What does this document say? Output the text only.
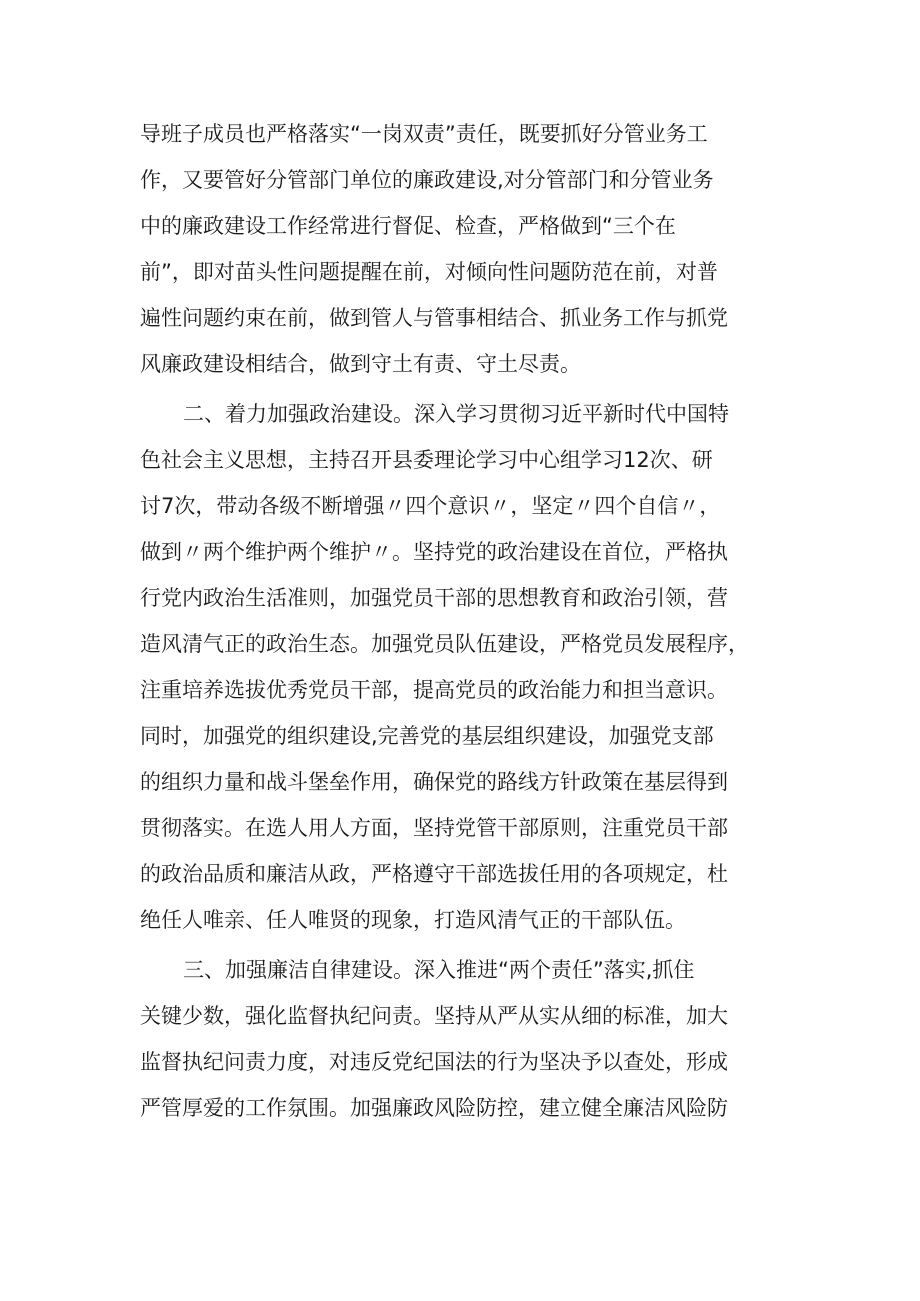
导班子成员也严格落实“一岗双责”责任，既要抓好分管业务工
作，又要管好分管部门单位的廉政建设,对分管部门和分管业务
中的廉政建设工作经常进行督促、检查，严格做到“三个在
前”，即对苗头性问题提醒在前，对倾向性问题防范在前，对普
遍性问题约束在前，做到管人与管事相结合、抓业务工作与抓党
风廉政建设相结合，做到守土有责、守土尽责。
二、着力加强政治建设。深入学习贯彻习近平新时代中国特
色社会主义思想，主持召开县委理论学习中心组学习12次、研
讨7次，带动各级不断增强〃四个意识〃，坚定〃四个自信〃，
做到〃两个维护两个维护〃。坚持党的政治建设在首位，严格执
行党内政治生活准则，加强党员干部的思想教育和政治引领，营
造风清气正的政治生态。加强党员队伍建设，严格党员发展程序，
注重培养选拔优秀党员干部，提高党员的政治能力和担当意识。
同时，加强党的组织建设,完善党的基层组织建设，加强党支部
的组织力量和战斗堡垒作用，确保党的路线方针政策在基层得到
贯彻落实。在选人用人方面，坚持党管干部原则，注重党员干部
的政治品质和廉洁从政，严格遵守干部选拔任用的各项规定，杜
绝任人唯亲、任人唯贤的现象，打造风清气正的干部队伍。
三、加强廉洁自律建设。深入推进“两个责任”落实,抓住
关键少数，强化监督执纪问责。坚持从严从实从细的标准，加大
监督执纪问责力度，对违反党纪国法的行为坚决予以查处，形成
严管厚爱的工作氛围。加强廉政风险防控，建立健全廉洁风险防
